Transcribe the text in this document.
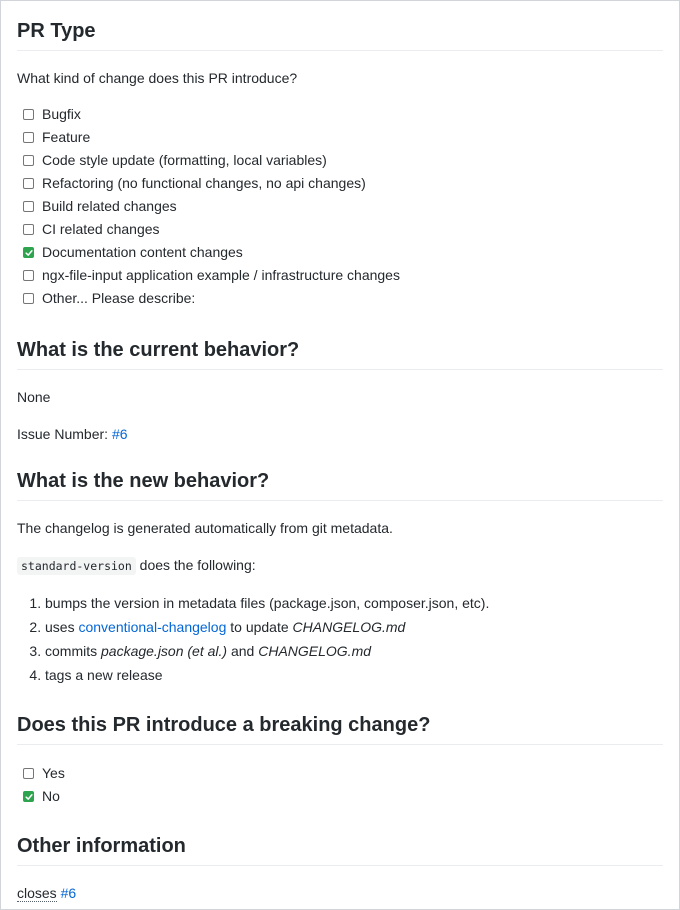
PR Type

What kind of change does this PR introduce?

Bugfix
Feature
Code style update (formatting, local variables)
Refactoring (no functional changes, no api changes)
Build related changes
CI related changes
Documentation content changes
ngx-file-input application example / infrastructure changes
Other... Please describe:
What is the current behavior?

None

Issue Number: #6

What is the new behavior?

The changelog is generated automatically from git metadata.

standard-version does the following:

1. bumps the version in metadata files (package.json, composer.json, etc).
2. uses conventional-changelog to update CHANGELOG.md
3. commits package.json (et al.) and CHANGELOG.md
4. tags a new release
Does this PR introduce a breaking change?
Yes
No
Other information

closes #6
